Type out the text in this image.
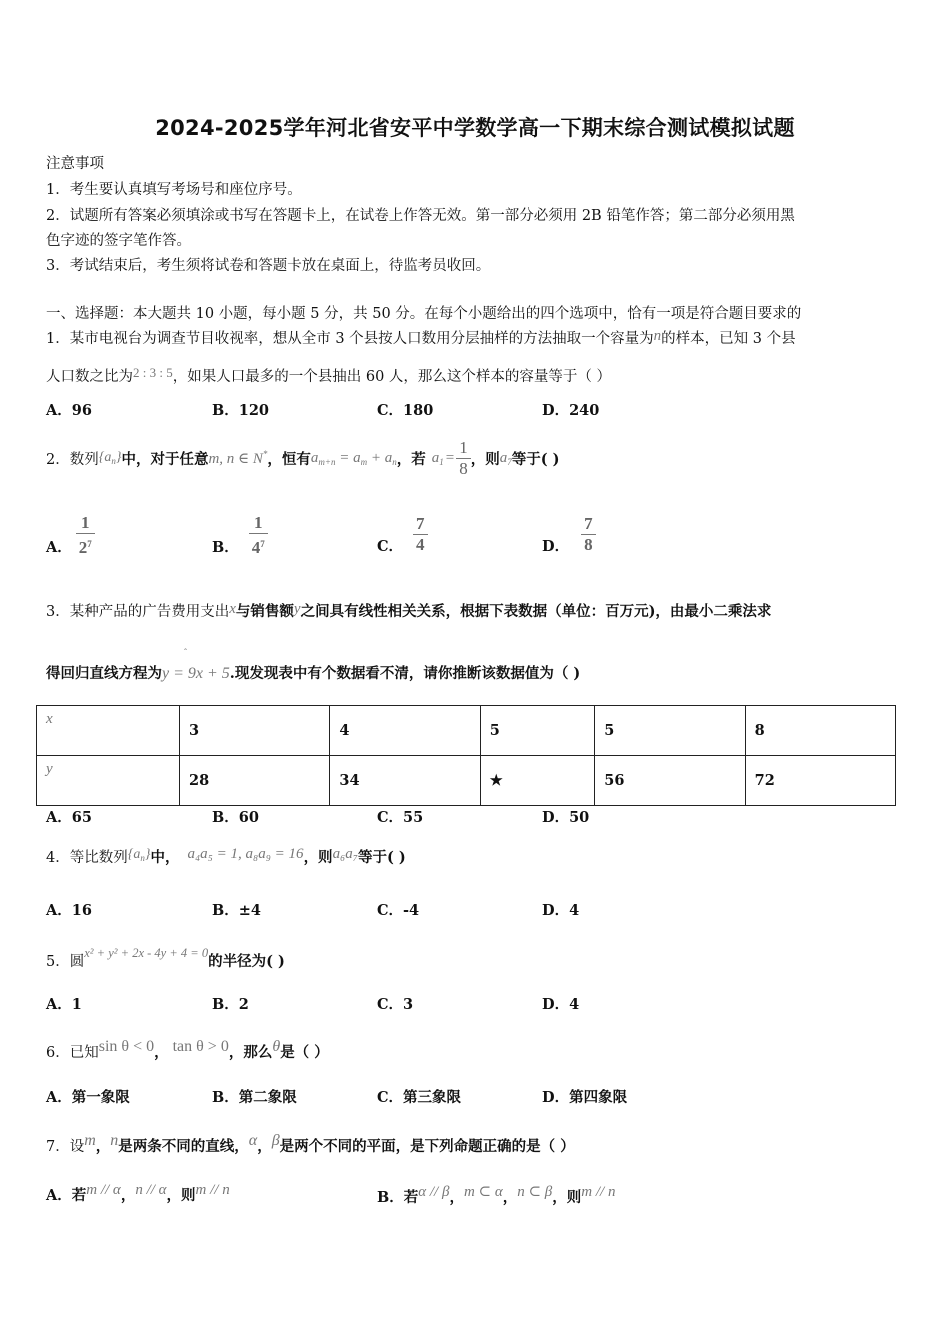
2024-2025学年河北省安平中学数学高一下期末综合测试模拟试题
注意事项
1．考生要认真填写考场号和座位序号。
2．试题所有答案必须填涂或书写在答题卡上，在试卷上作答无效。第一部分必须用 2B 铅笔作答；第二部分必须用黑
色字迹的签字笔作答。
3．考试结束后，考生须将试卷和答题卡放在桌面上，待监考员收回。
一、选择题：本大题共 10 小题，每小题 5 分，共 50 分。在每个小题给出的四个选项中，恰有一项是符合题目要求的
1．某市电视台为调查节目收视率，想从全市 3 个县按人口数用分层抽样的方法抽取一个容量为n的样本，已知 3 个县
人口数之比为2 : 3 : 5，如果人口最多的一个县抽出 60 人，那么这个样本的容量等于（ ）
A．96	B．120	C．180	D．240
2．数列 $\{a_n\}$ 中，对于任意 m, n ∈ N* ，恒有 $a_{m+n} = a_m + a_n$ ，若 $a_1 = \frac{1}{8}$ ，则 $a_7$ 等于( )
A． $\frac{1}{2^7}$	B． $\frac{1}{4^7}$	C． $\frac{7}{4}$	D． $\frac{7}{8}$
3．某种产品的广告费用支出x与销售额y之间具有线性相关关系，根据下表数据（单位：百万元)，由最小二乘法求
ˆ
得回归直线方程为y = 9x + 5.现发现表中有个数据看不清，请你推断该数据值为（ )
x	3	4	5	5	8
y	28	34	★	56	72
A．65	B．60	C．55	D．50
4．等比数列$\{a_n\}$中， a₄a₅ = 1, a₈a₉ = 16，则a₆a₇等于( )
A．16	B．±4	C．-4	D．4
5．圆x² + y² + 2x - 4y + 4 = 0的半径为( )
A．1	B．2	C．3	D．4
6．已知sin θ < 0， tan θ > 0，那么θ是（ ）
A．第一象限	B．第二象限	C．第三象限	D．第四象限
7．设m，n是两条不同的直线，α，β是两个不同的平面，是下列命题正确的是（ ）
A．若m // α，n // α，则m // n	B．若α // β，m ⊂ α，n ⊂ β，则m // n
